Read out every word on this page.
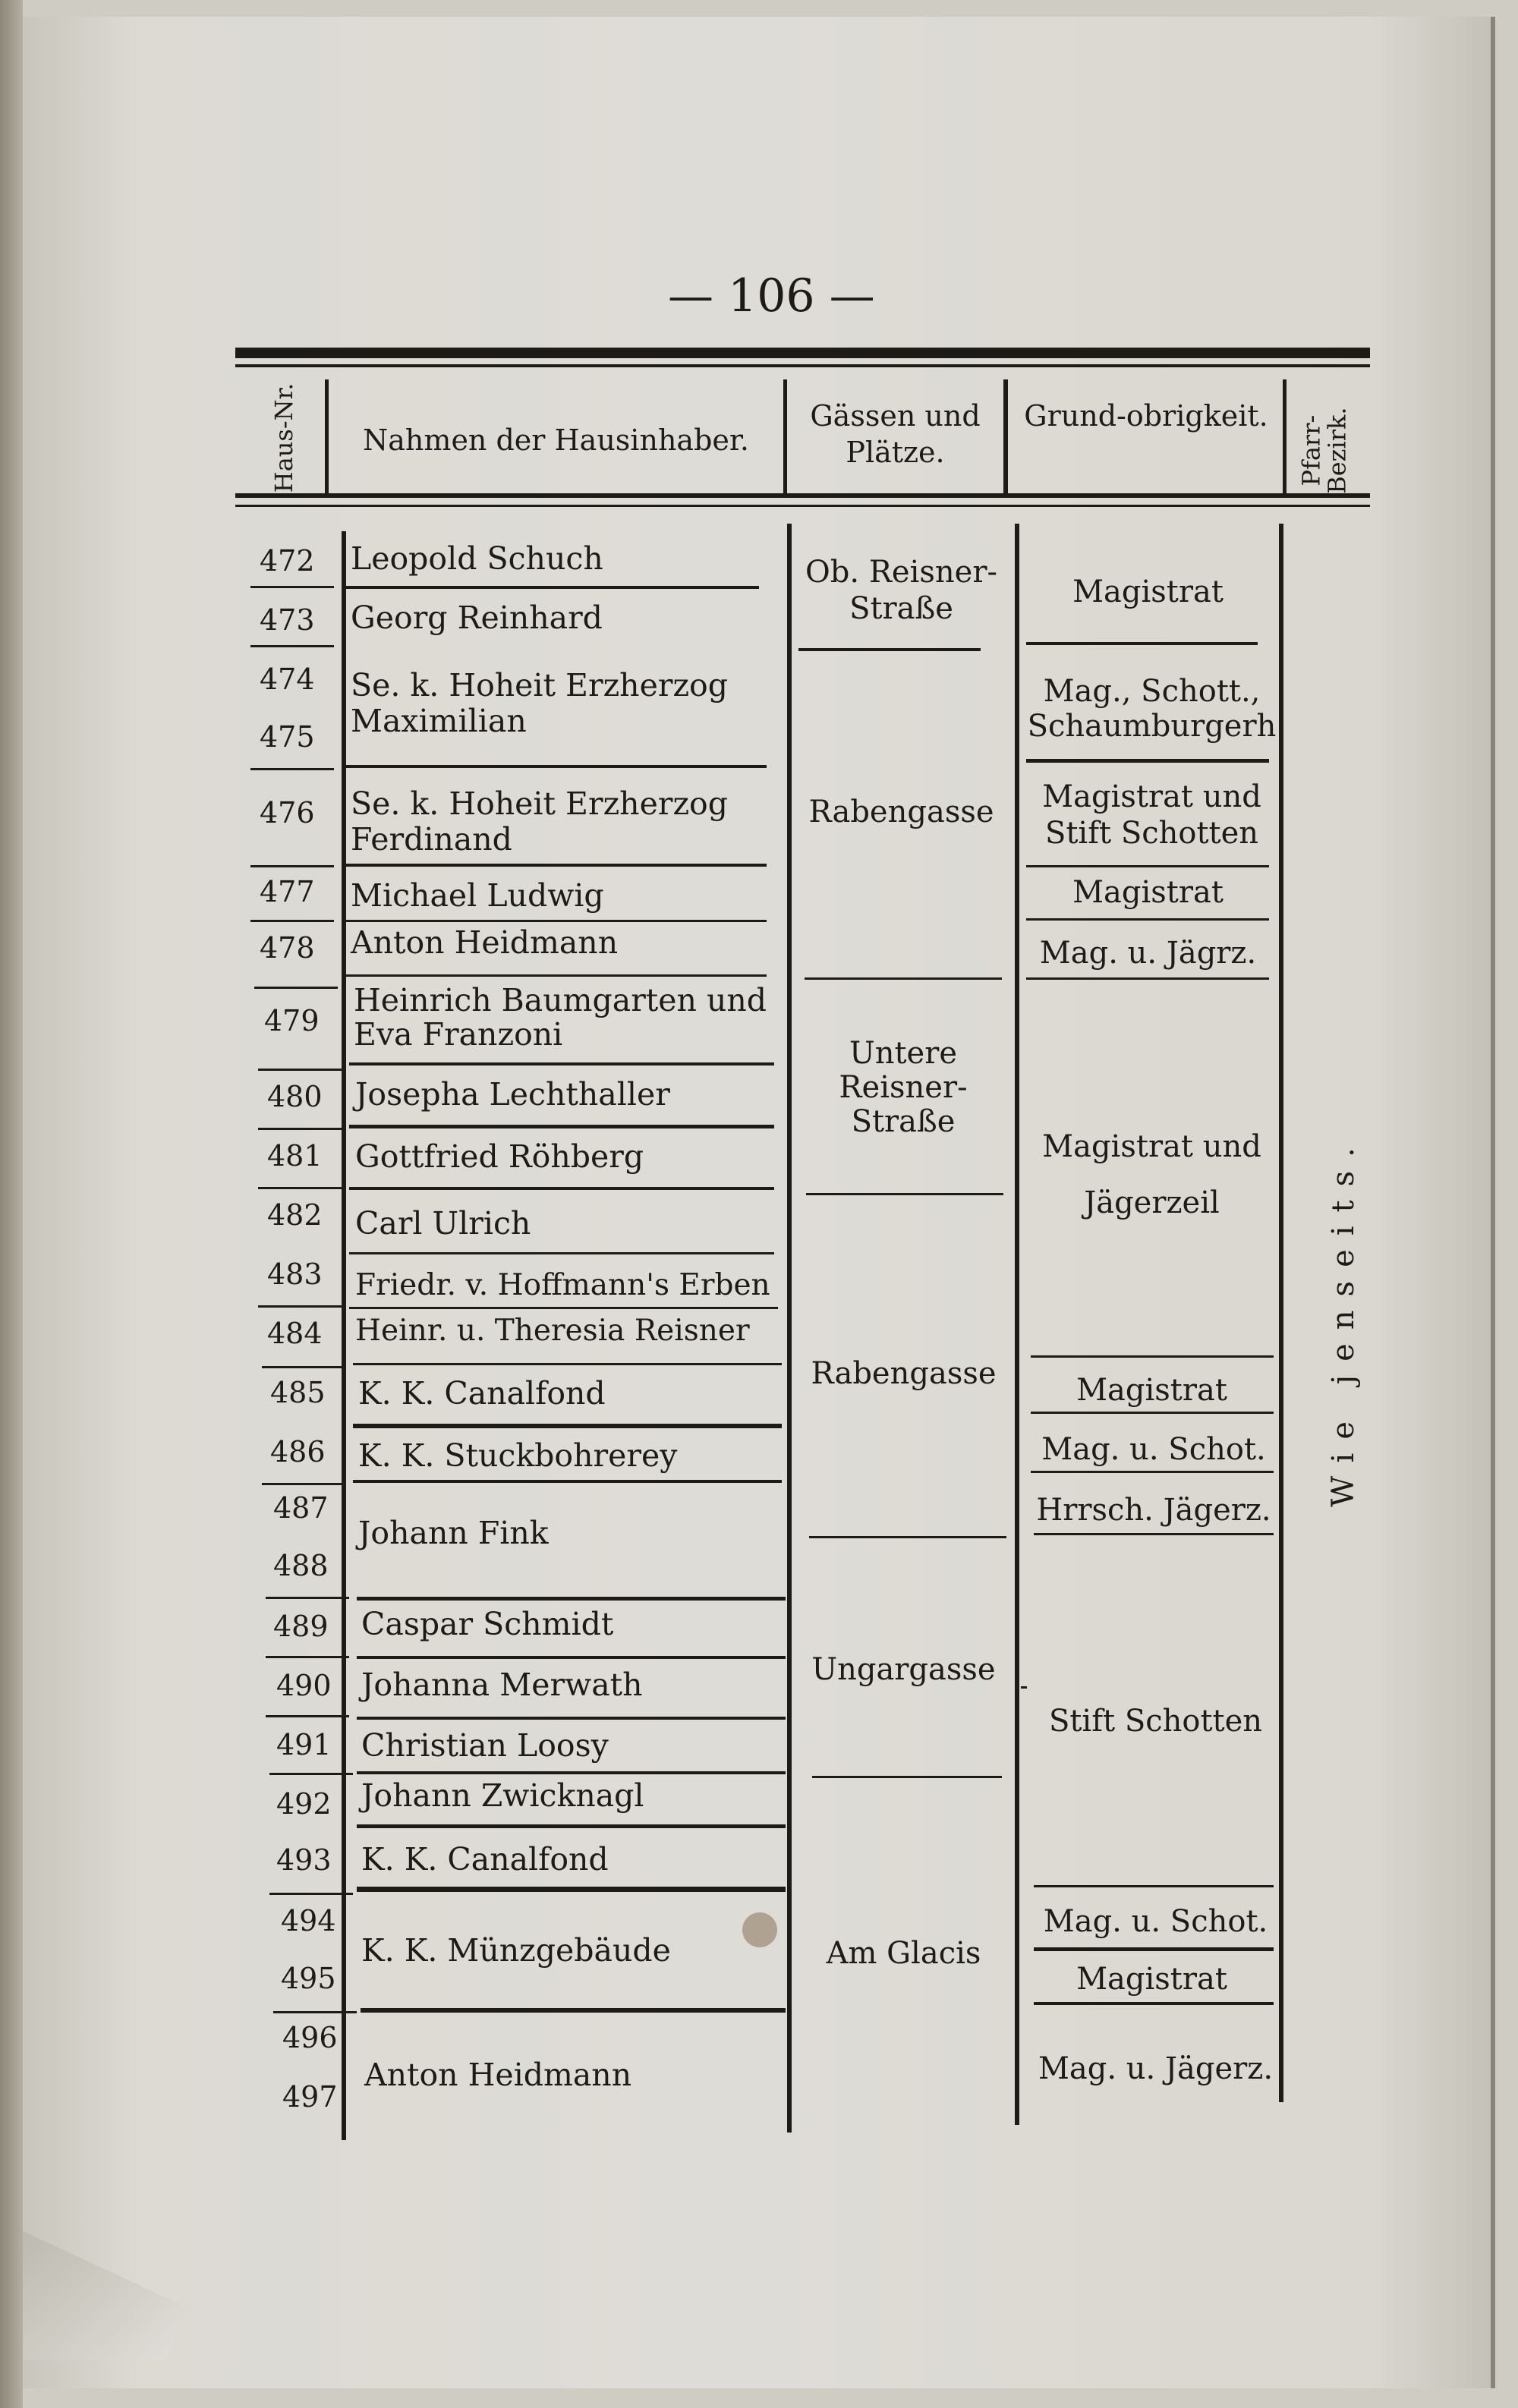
— 106 —
Haus-Nr.	Nahmen der Hausinhaber.
Gässen und Plätze.
Grund-obrigkeit.	Pfarr-Bezirk.
472
473
474
475
476
477
478
479
480
481
482
483
484
485
486
487
488
489
490
491
492
493
494
495
496
497
Leopold Schuch
Georg Reinhard
Se. k. Hoheit Erzherzog Maximilian
Se. k. Hoheit Erzherzog Ferdinand
Michael Ludwig
Anton Heidmann
Heinrich Baumgarten und Eva Franzoni
Josepha Lechthaller
Gottfried Röhberg
Carl Ulrich
Friedr. v. Hoffmann's Erben
Heinr. u. Theresia Reisner
K. K. Canalfond
K. K. Stuckbohrerey
Johann Fink
Caspar Schmidt
Johanna Merwath
Christian Loosy
Johann Zwicknagl
K. K. Canalfond
K. K. Münzgebäude
Anton Heidmann
Ob. Reisner-Straße
Rabengasse
Untere Reisner-Straße
Rabengasse
Ungargasse
Am Glacis
Magistrat
Mag., Schott., Schaumburgerh
Magistrat und Stift Schotten
Magistrat
Mag. u. Jägrz.
Magistrat und Jägerzeil
Magistrat
Mag. u. Schot.
Hrrsch. Jägerz.
Stift Schotten
Mag. u. Schot.
Magistrat
Mag. u. Jägerz.
Wie jenseits.
